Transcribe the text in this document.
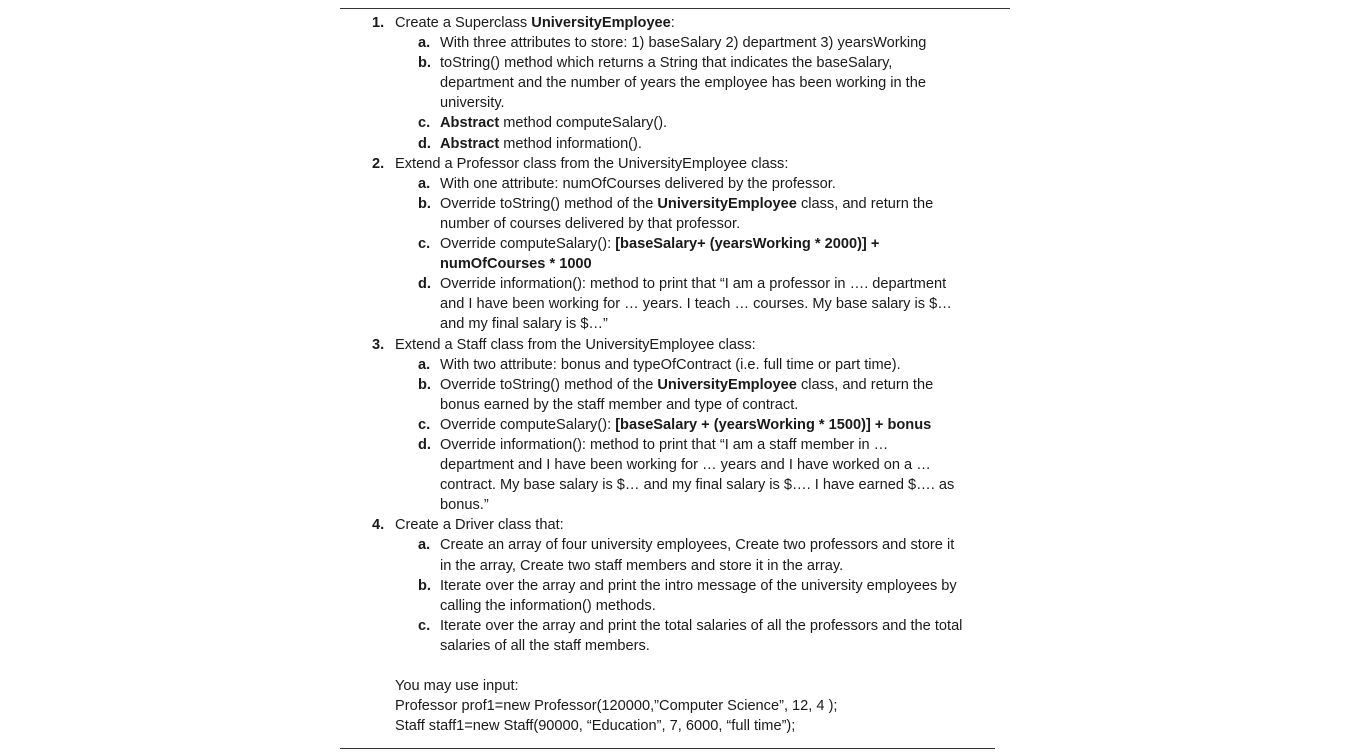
1. Create a Superclass UniversityEmployee:
a. With three attributes to store: 1) baseSalary 2) department 3) yearsWorking
b. toString() method which returns a String that indicates the baseSalary,
department and the number of years the employee has been working in the
university.
c. Abstract method computeSalary().
d. Abstract method information().
2. Extend a Professor class from the UniversityEmployee class:
a. With one attribute: numOfCourses delivered by the professor.
b. Override toString() method of the UniversityEmployee class, and return the
number of courses delivered by that professor.
c. Override computeSalary(): [baseSalary+ (yearsWorking * 2000)] +
numOfCourses * 1000
d. Override information(): method to print that “I am a professor in …. department
and I have been working for … years. I teach … courses. My base salary is $…
and my final salary is $…”
3. Extend a Staff class from the UniversityEmployee class:
a. With two attribute: bonus and typeOfContract (i.e. full time or part time).
b. Override toString() method of the UniversityEmployee class, and return the
bonus earned by the staff member and type of contract.
c. Override computeSalary(): [baseSalary + (yearsWorking * 1500)] + bonus
d. Override information(): method to print that “I am a staff member in …
department and I have been working for … years and I have worked on a …
contract. My base salary is $… and my final salary is $…. I have earned $…. as
bonus.”
4. Create a Driver class that:
a. Create an array of four university employees, Create two professors and store it
in the array, Create two staff members and store it in the array.
b. Iterate over the array and print the intro message of the university employees by
calling the information() methods.
c. Iterate over the array and print the total salaries of all the professors and the total
salaries of all the staff members.
You may use input:
Professor prof1=new Professor(120000,”Computer Science”, 12, 4 );
Staff staff1=new Staff(90000, “Education”, 7, 6000, “full time”);
